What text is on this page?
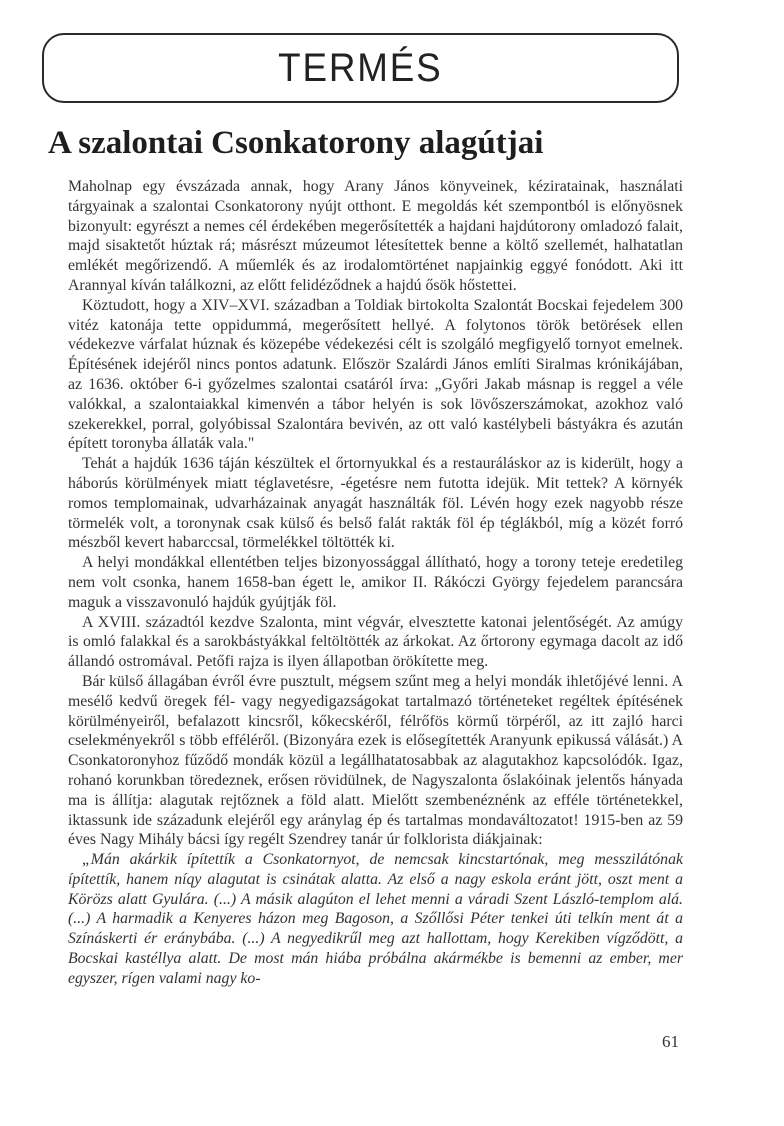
TERMÉS
A szalontai Csonkatorony alagútjai

Maholnap egy évszázada annak, hogy Arany János könyveinek, kéziratainak, használati tárgyainak a szalontai Csonkatorony nyújt otthont. E megoldás két szempontból is előnyösnek bizonyult: egyrészt a nemes cél érdekében megerősítették a hajdani hajdútorony omladozó falait, majd sisaktetőt húztak rá; másrészt múzeumot létesítettek benne a költő szellemét, halhatatlan emlékét megőrizendő. A műemlék és az irodalomtörténet napjainkig eggyé fonódott. Aki itt Arannyal kíván találkozni, az előtt felidéződnek a hajdú ősök hőstettei.

Köztudott, hogy a XIV–XVI. században a Toldiak birtokolta Szalontát Bocskai fejedelem 300 vitéz katonája tette oppidummá, megerősített hellyé. A folytonos török betörések ellen védekezve várfalat húznak és közepébe védekezési célt is szolgáló megfigyelő tornyot emelnek. Építésének idejéről nincs pontos adatunk. Először Szalárdi János említi Siralmas krónikájában, az 1636. október 6-i győzelmes szalontai csatáról írva: „Győri Jakab másnap is reggel a véle valókkal, a szalontaiakkal kimenvén a tábor helyén is sok lövőszerszámokat, azokhoz való szekerekkel, porral, golyóbissal Szalontára bevivén, az ott való kastélybeli bástyákra és azután épített toronyba állaták vala."

Tehát a hajdúk 1636 táján készültek el őrtornyukkal és a restauráláskor az is kiderült, hogy a háborús körülmények miatt téglavetésre, -égetésre nem futotta idejük. Mit tettek? A környék romos templomainak, udvarházainak anyagát használták föl. Lévén hogy ezek nagyobb része törmelék volt, a toronynak csak külső és belső falát rakták föl ép téglákból, míg a közét forró mészből kevert habarccsal, törmelékkel töltötték ki.

A helyi mondákkal ellentétben teljes bizonyossággal állítható, hogy a torony teteje eredetileg nem volt csonka, hanem 1658-ban égett le, amikor II. Rákóczi György fejedelem parancsára maguk a visszavonuló hajdúk gyújtják föl.

A XVIII. századtól kezdve Szalonta, mint végvár, elvesztette katonai jelentőségét. Az amúgy is omló falakkal és a sarokbástyákkal feltöltötték az árkokat. Az őrtorony egymaga dacolt az idő állandó ostromával. Petőfi rajza is ilyen állapotban örökítette meg.

Bár külső állagában évről évre pusztult, mégsem szűnt meg a helyi mondák ihletőjévé lenni. A mesélő kedvű öregek fél- vagy negyedigazságokat tartalmazó történeteket regéltek építésének körülményeiről, befalazott kincsről, kőkecskéről, félrőfös körmű törpéről, az itt zajló harci cselekményekről s több efféléről. (Bizonyára ezek is elősegítették Aranyunk epikussá válását.) A Csonkatoronyhoz fűződő mondák közül a legállhatatosabbak az alagutakhoz kapcsolódók. Igaz, rohanó korunkban töredeznek, erősen rövidülnek, de Nagyszalonta őslakóinak jelentős hányada ma is állítja: alagutak rejtőznek a föld alatt. Mielőtt szembenéznénk az efféle történetekkel, iktassunk ide századunk elejéről egy aránylag ép és tartalmas mondaváltozatot! 1915-ben az 59 éves Nagy Mihály bácsi így regélt Szendrey tanár úr folklorista diákjainak:

„Mán akárkik ípítettík a Csonkatornyot, de nemcsak kincstartónak, meg messzilátónak ípítettík, hanem níqy alagutat is csinátak alatta. Az első a nagy eskola eránt jött, oszt ment a Körözs alatt Gyulára. (...) A másik alagúton el lehet menni a váradi Szent László-templom alá. (...) A harmadik a Kenyeres házon meg Bagoson, a Szőllősi Péter tenkei úti telkín ment át a Színáskerti ér eránybába. (...) A negyedikrűl meg azt hallottam, hogy Kerekiben vígződött, a Bocskai kastéllya alatt. De most mán hiába próbálna akármékbe is bemenni az ember, mer egyszer, rígen valami nagy ko-

61
